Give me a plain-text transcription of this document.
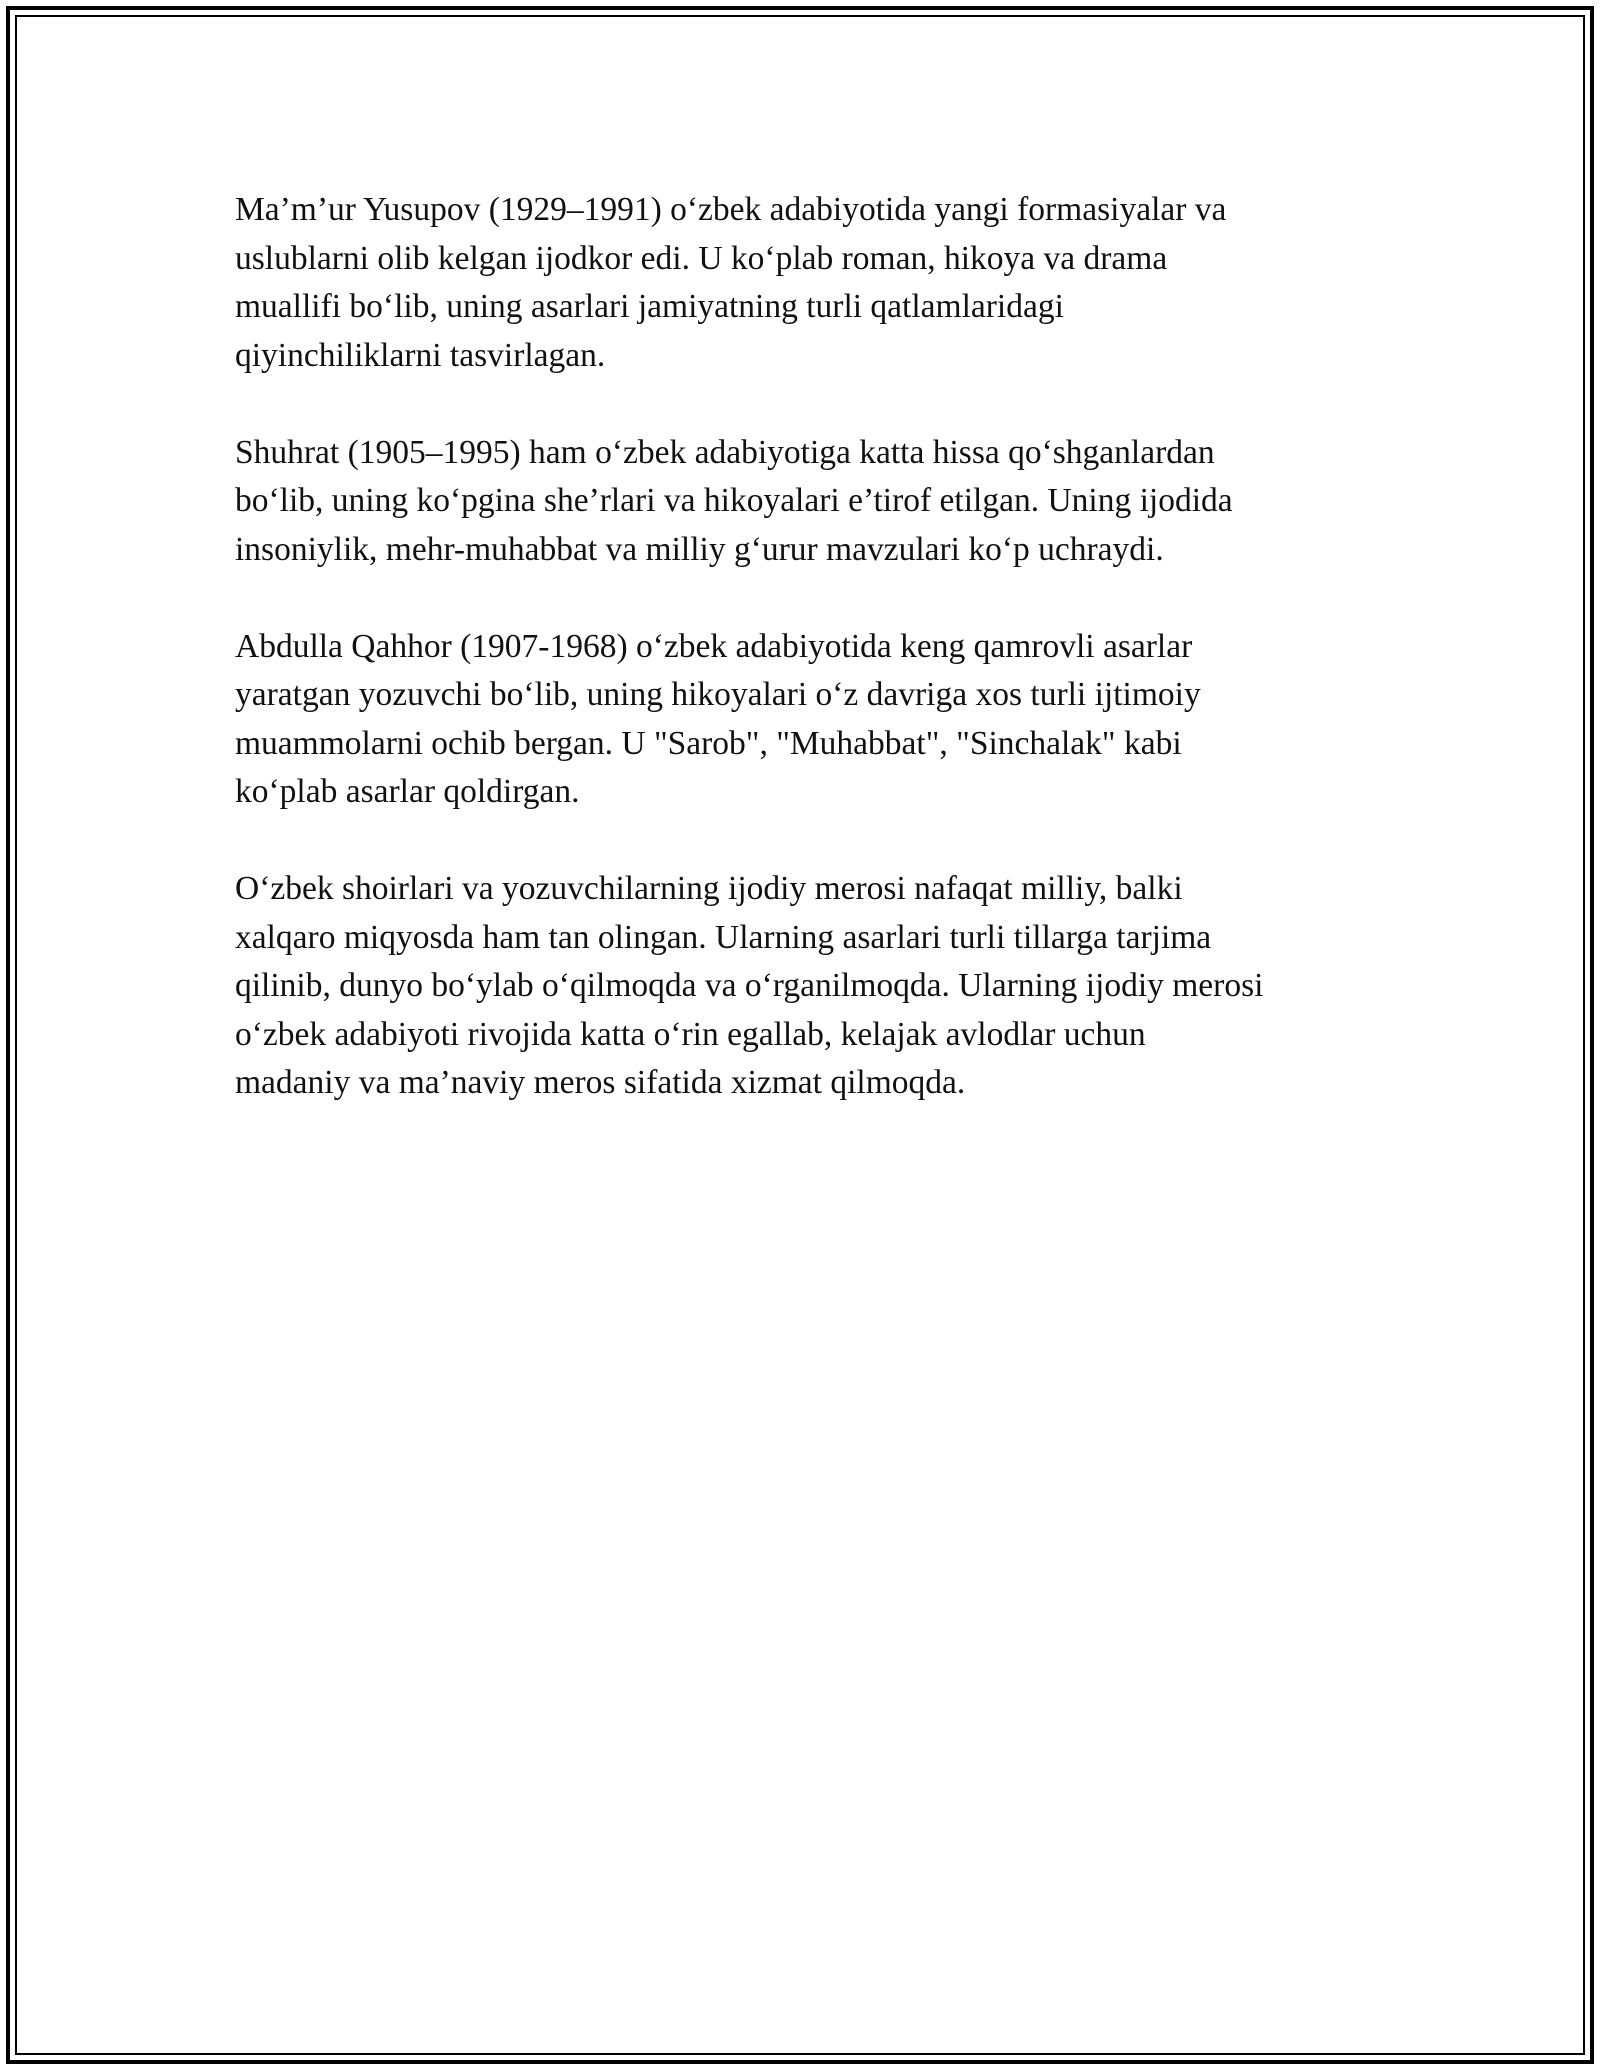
Ma’m’ur Yusupov (1929–1991) o‘zbek adabiyotida yangi formasiyalar va
uslublarni olib kelgan ijodkor edi. U ko‘plab roman, hikoya va drama
muallifi bo‘lib, uning asarlari jamiyatning turli qatlamlaridagi
qiyinchiliklarni tasvirlagan.

Shuhrat (1905–1995) ham o‘zbek adabiyotiga katta hissa qo‘shganlardan
bo‘lib, uning ko‘pgina she’rlari va hikoyalari e’tirof etilgan. Uning ijodida
insoniylik, mehr-muhabbat va milliy g‘urur mavzulari ko‘p uchraydi.

Abdulla Qahhor (1907-1968) o‘zbek adabiyotida keng qamrovli asarlar
yaratgan yozuvchi bo‘lib, uning hikoyalari o‘z davriga xos turli ijtimoiy
muammolarni ochib bergan. U "Sarob", "Muhabbat", "Sinchalak" kabi
ko‘plab asarlar qoldirgan.

O‘zbek shoirlari va yozuvchilarning ijodiy merosi nafaqat milliy, balki
xalqaro miqyosda ham tan olingan. Ularning asarlari turli tillarga tarjima
qilinib, dunyo bo‘ylab o‘qilmoqda va o‘rganilmoqda. Ularning ijodiy merosi
o‘zbek adabiyoti rivojida katta o‘rin egallab, kelajak avlodlar uchun
madaniy va ma’naviy meros sifatida xizmat qilmoqda.
